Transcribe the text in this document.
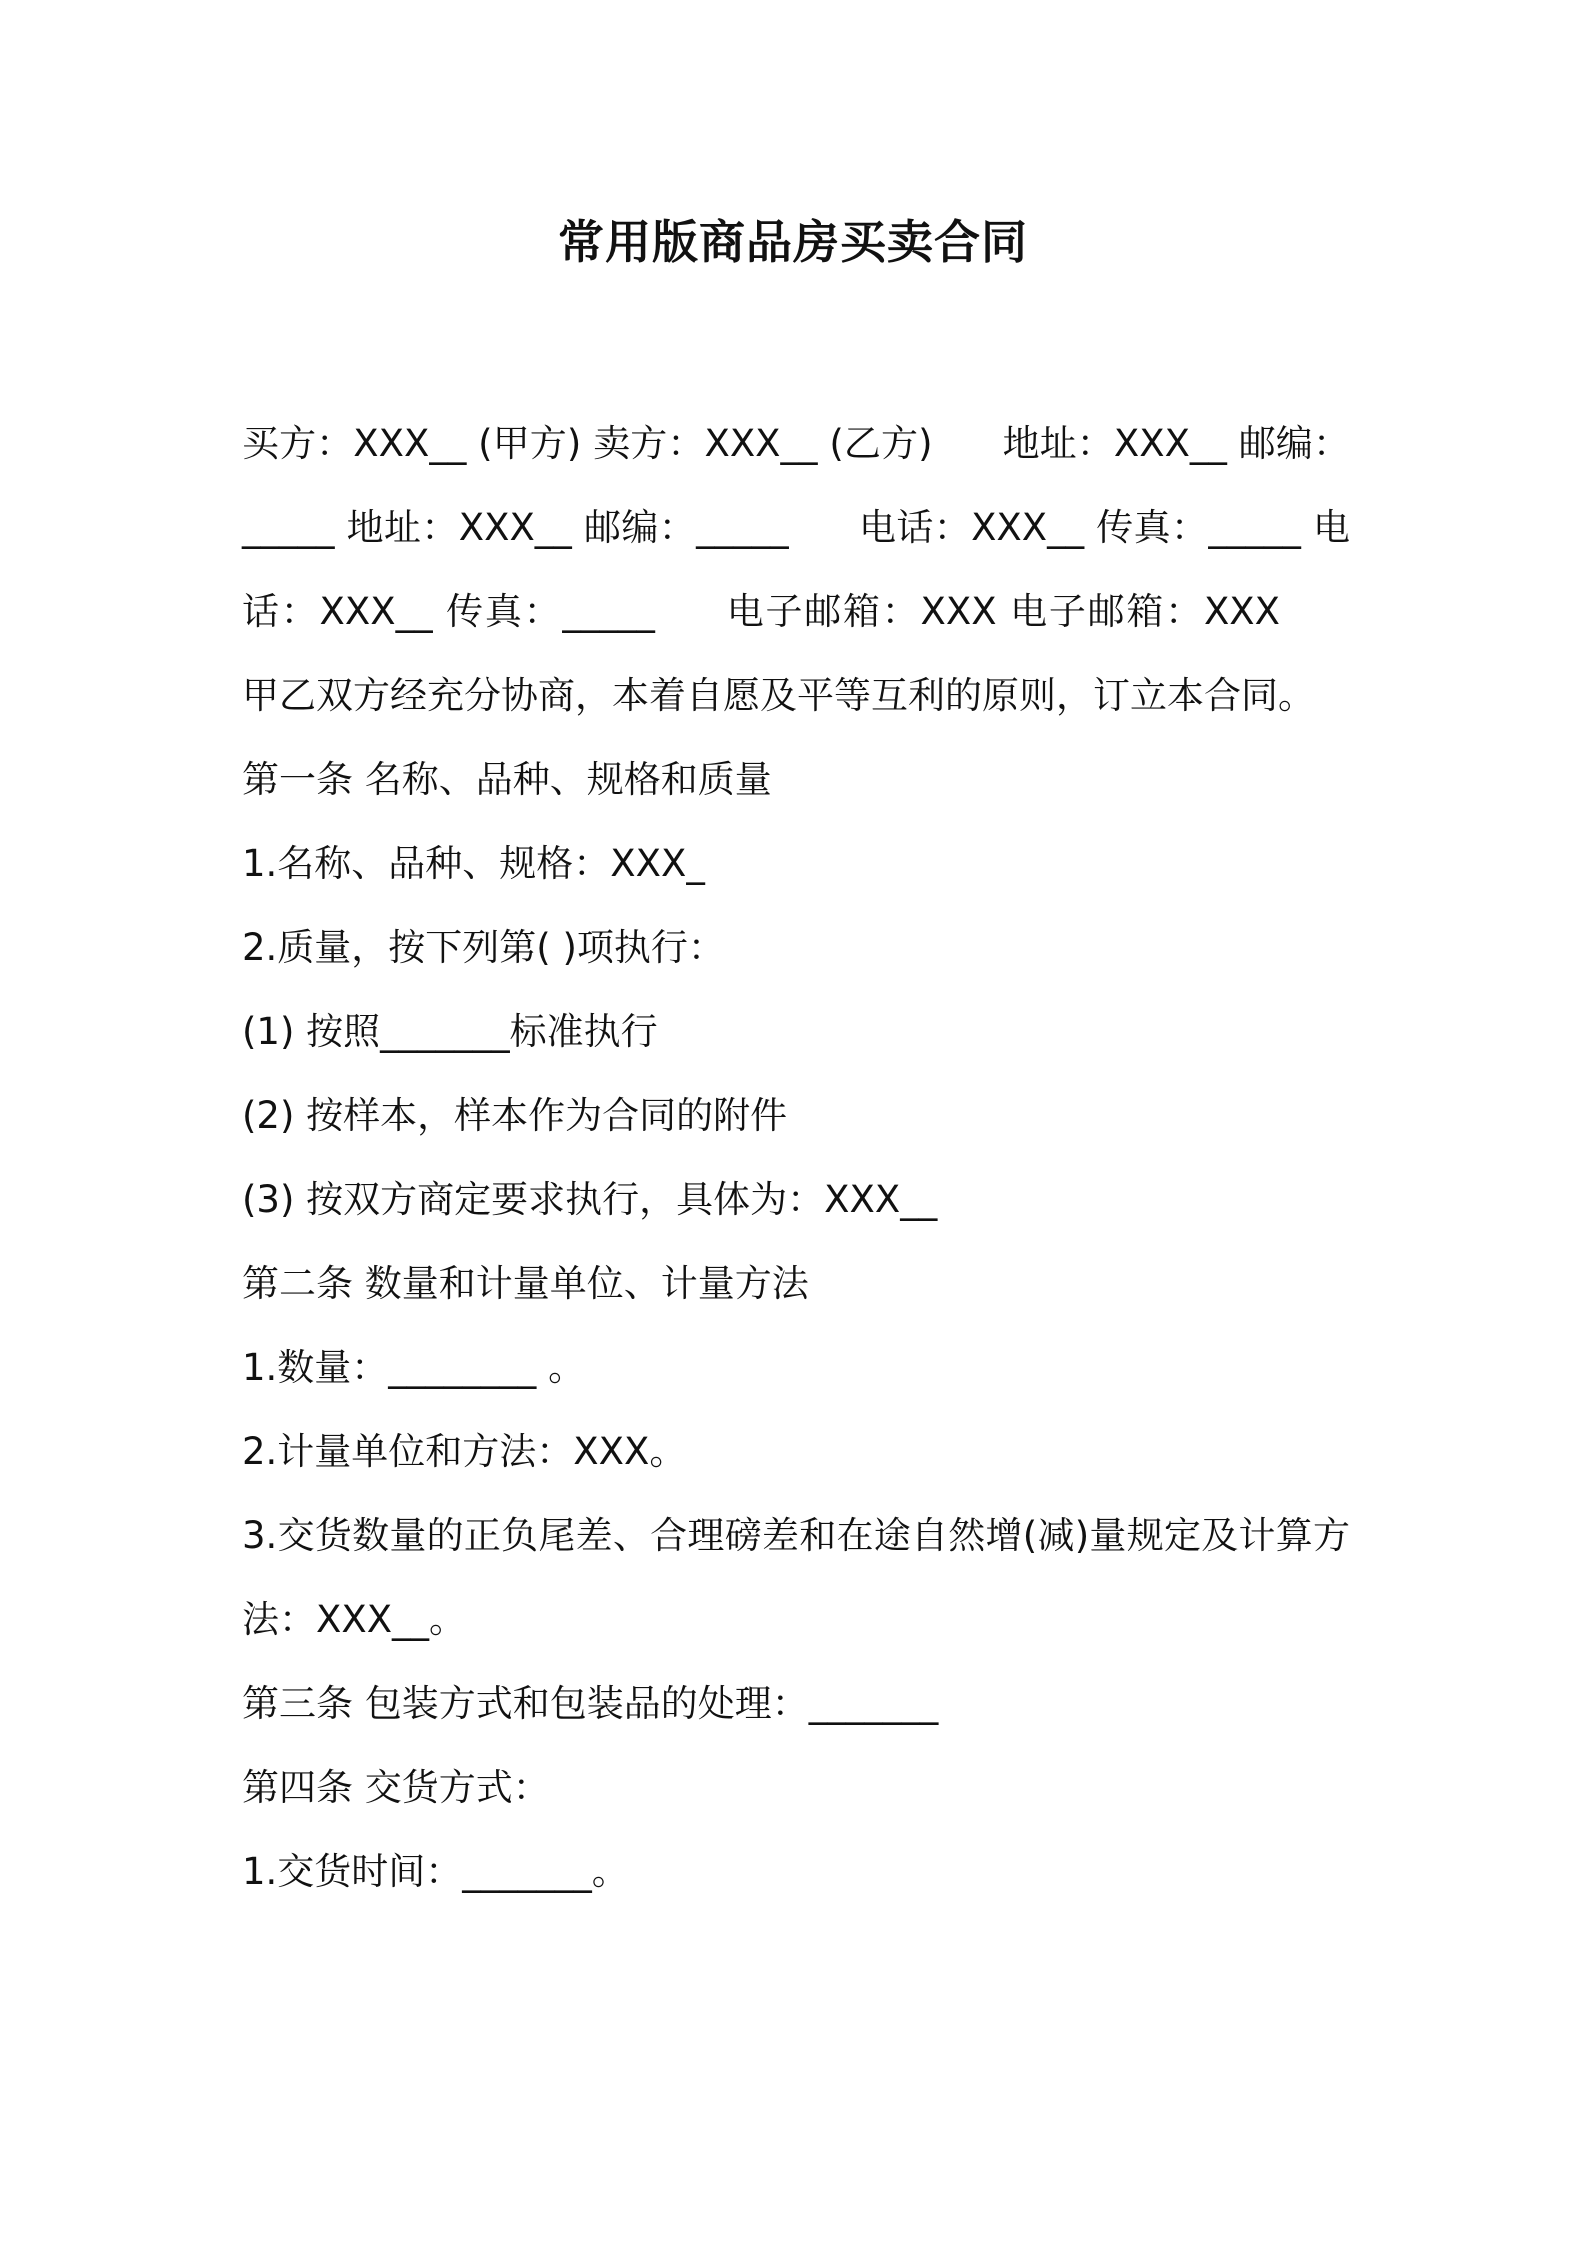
常用版商品房买卖合同
买方：XXX__ (甲方) 卖方：XXX__ (乙方) 地址：XXX__ 邮编：_____ 地址：XXX__ 邮编：_____ 电话：XXX__ 传真：_____ 电话：XXX__ 传真：_____ 电子邮箱：XXX 电子邮箱：XXX甲乙双方经充分协商，本着自愿及平等互利的原则，订立本合同。
第一条 名称、品种、规格和质量
1.名称、品种、规格：XXX_
2.质量，按下列第( )项执行：
(1) 按照_______标准执行
(2) 按样本，样本作为合同的附件
(3) 按双方商定要求执行，具体为：XXX__
第二条 数量和计量单位、计量方法
1.数量：________ 。
2.计量单位和方法：XXX。
3.交货数量的正负尾差、合理磅差和在途自然增(减)量规定及计算方法：XXX__。
第三条 包装方式和包装品的处理：_______
第四条 交货方式：
1.交货时间：_______。
